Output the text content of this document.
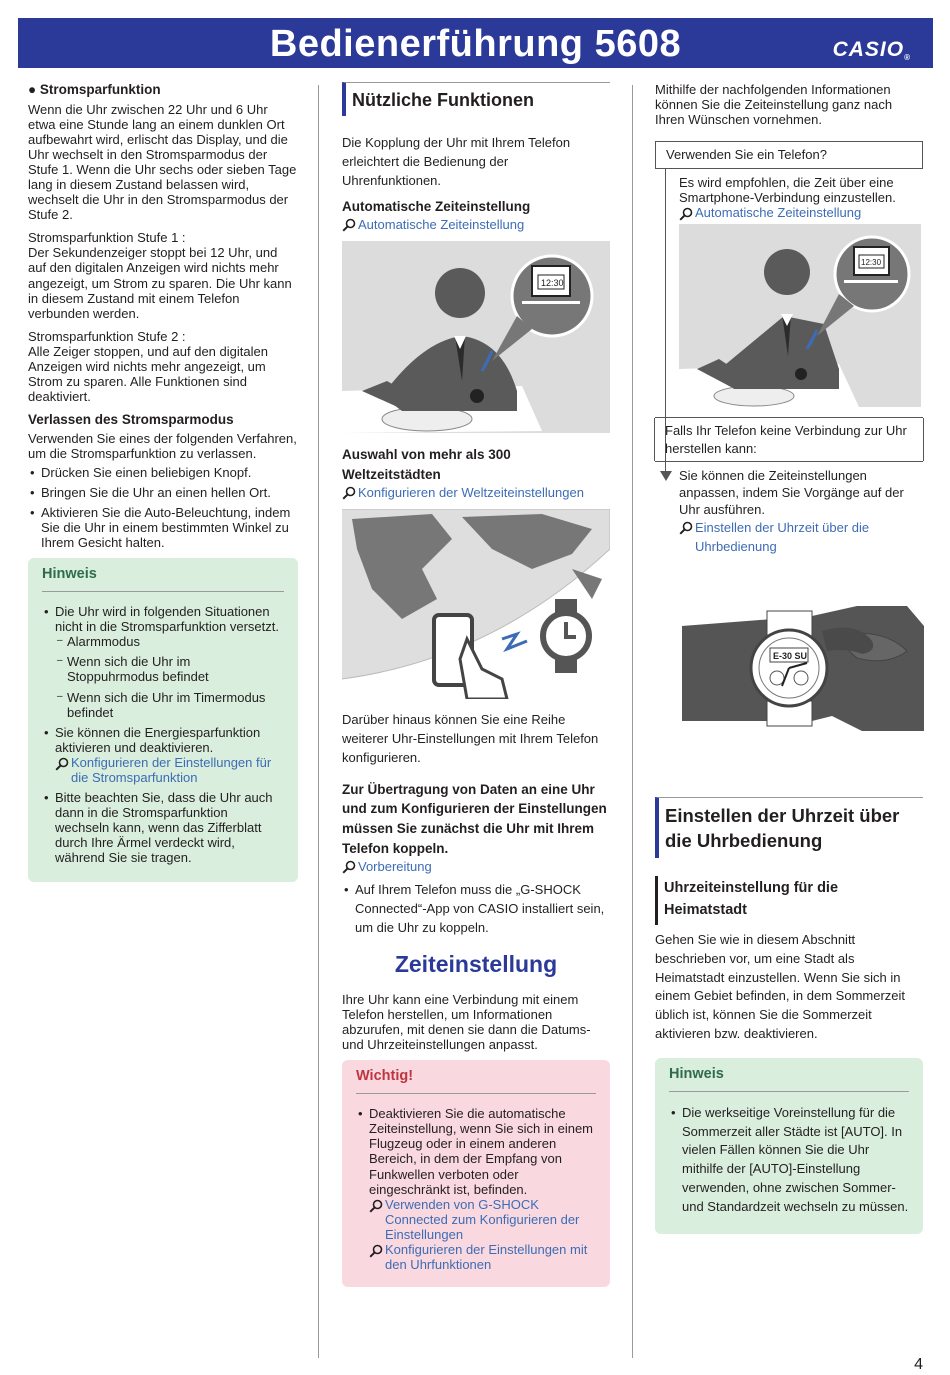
Bedienerführung 5608	CASIO®
● Stromsparfunktion

Wenn die Uhr zwischen 22 Uhr und 6 Uhr etwa eine Stunde lang an einem dunklen Ort aufbewahrt wird, erlischt das Display, und die Uhr wechselt in den Stromsparmodus der Stufe 1. Wenn die Uhr sechs oder sieben Tage lang in diesem Zustand belassen wird, wechselt die Uhr in den Stromsparmodus der Stufe 2.

Stromsparfunktion Stufe 1 :

Der Sekundenzeiger stoppt bei 12 Uhr, und auf den digitalen Anzeigen wird nichts mehr angezeigt, um Strom zu sparen. Die Uhr kann in diesem Zustand mit einem Telefon verbunden werden.

Stromsparfunktion Stufe 2 :

Alle Zeiger stoppen, und auf den digitalen Anzeigen wird nichts mehr angezeigt, um Strom zu sparen. Alle Funktionen sind deaktiviert.

Verlassen des Stromsparmodus

Verwenden Sie eines der folgenden Verfahren, um die Stromsparfunktion zu verlassen.

• Drücken Sie einen beliebigen Knopf.
• Bringen Sie die Uhr an einen hellen Ort.
• Aktivieren Sie die Auto-Beleuchtung, indem Sie die Uhr in einem bestimmten Winkel zu Ihrem Gesicht halten.
Hinweis
• Die Uhr wird in folgenden Situationen nicht in die Stromsparfunktion versetzt.
– Alarmmodus
– Wenn sich die Uhr im Stoppuhrmodus befindet
– Wenn sich die Uhr im Timermodus befindet
• Sie können die Energiesparfunktion aktivieren und deaktivieren.
Konfigurieren der Einstellungen für die Stromsparfunktion
• Bitte beachten Sie, dass die Uhr auch dann in die Stromsparfunktion wechseln kann, wenn das Zifferblatt durch Ihre Ärmel verdeckt wird, während Sie sie tragen.
Nützliche Funktionen

Die Kopplung der Uhr mit Ihrem Telefon erleichtert die Bedienung der Uhrenfunktionen.

Automatische Zeiteinstellung
Automatische Zeiteinstellung
12:30
Auswahl von mehr als 300 Weltzeitstädten
Konfigurieren der Weltzeiteinstellungen

Darüber hinaus können Sie eine Reihe weiterer Uhr-Einstellungen mit Ihrem Telefon konfigurieren.

Zur Übertragung von Daten an eine Uhr und zum Konfigurieren der Einstellungen müssen Sie zunächst die Uhr mit Ihrem Telefon koppeln.
Vorbereitung
• Auf Ihrem Telefon muss die „G-SHOCK Connected“-App von CASIO installiert sein, um die Uhr zu koppeln.
Zeiteinstellung

Ihre Uhr kann eine Verbindung mit einem Telefon herstellen, um Informationen abzurufen, mit denen sie dann die Datums- und Uhrzeiteinstellungen anpasst.

Wichtig!
• Deaktivieren Sie die automatische Zeiteinstellung, wenn Sie sich in einem Flugzeug oder in einem anderen Bereich, in dem der Empfang von Funkwellen verboten oder eingeschränkt ist, befinden.
Verwenden von G-SHOCK Connected zum Konfigurieren der Einstellungen
Konfigurieren der Einstellungen mit den Uhrfunktionen

Mithilfe der nachfolgenden Informationen können Sie die Zeiteinstellung ganz nach Ihren Wünschen vornehmen.

Verwenden Sie ein Telefon?
Es wird empfohlen, die Zeit über eine Smartphone-Verbindung einzustellen.
Automatische Zeiteinstellung
12:30
Falls Ihr Telefon keine Verbindung zur Uhr herstellen kann:
Sie können die Zeiteinstellungen anpassen, indem Sie Vorgänge auf der Uhr ausführen.
Einstellen der Uhrzeit über die Uhrbedienung
E-30 SU
Einstellen der Uhrzeit über die Uhrbedienung
Uhrzeiteinstellung für die Heimatstadt

Gehen Sie wie in diesem Abschnitt beschrieben vor, um eine Stadt als Heimatstadt einzustellen. Wenn Sie sich in einem Gebiet befinden, in dem Sommerzeit üblich ist, können Sie die Sommerzeit aktivieren bzw. deaktivieren.

Hinweis
• Die werkseitige Voreinstellung für die Sommerzeit aller Städte ist [AUTO]. In vielen Fällen können Sie die Uhr mithilfe der [AUTO]-Einstellung verwenden, ohne zwischen Sommer- und Standardzeit wechseln zu müssen.
4
